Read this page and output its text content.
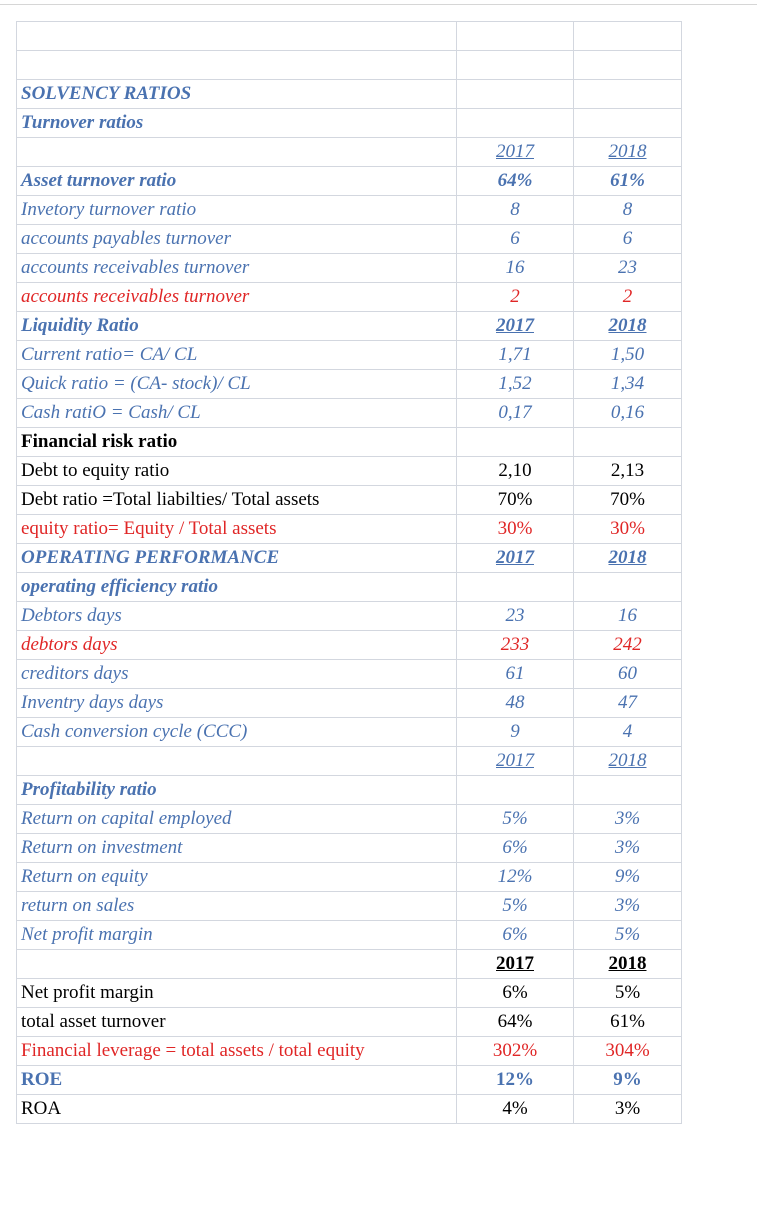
SOLVENCY RATIOS		
Turnover ratios		
	2017	2018
Asset turnover ratio	64%	61%
Invetory turnover ratio	8	8
accounts payables turnover	6	6
accounts receivables turnover	16	23
accounts receivables turnover	2	2
Liquidity Ratio	2017	2018
Current ratio= CA/ CL	1,71	1,50
Quick ratio = (CA- stock)/ CL	1,52	1,34
Cash ratiO = Cash/ CL	0,17	0,16
Financial risk ratio		
Debt to equity ratio	2,10	2,13
Debt ratio =Total liabilties/ Total assets	70%	70%
equity ratio= Equity / Total assets	30%	30%
OPERATING PERFORMANCE	2017	2018
operating efficiency ratio		
Debtors days	23	16
debtors days	233	242
creditors days	61	60
Inventry days days	48	47
Cash conversion cycle (CCC)	9	4
	2017	2018
Profitability ratio		
Return on capital employed	5%	3%
Return on investment	6%	3%
Return on equity	12%	9%
return on sales	5%	3%
Net profit margin	6%	5%
	2017	2018
Net profit margin	6%	5%
total asset turnover	64%	61%
Financial leverage = total assets / total equity	302%	304%
ROE	12%	9%
ROA	4%	3%
